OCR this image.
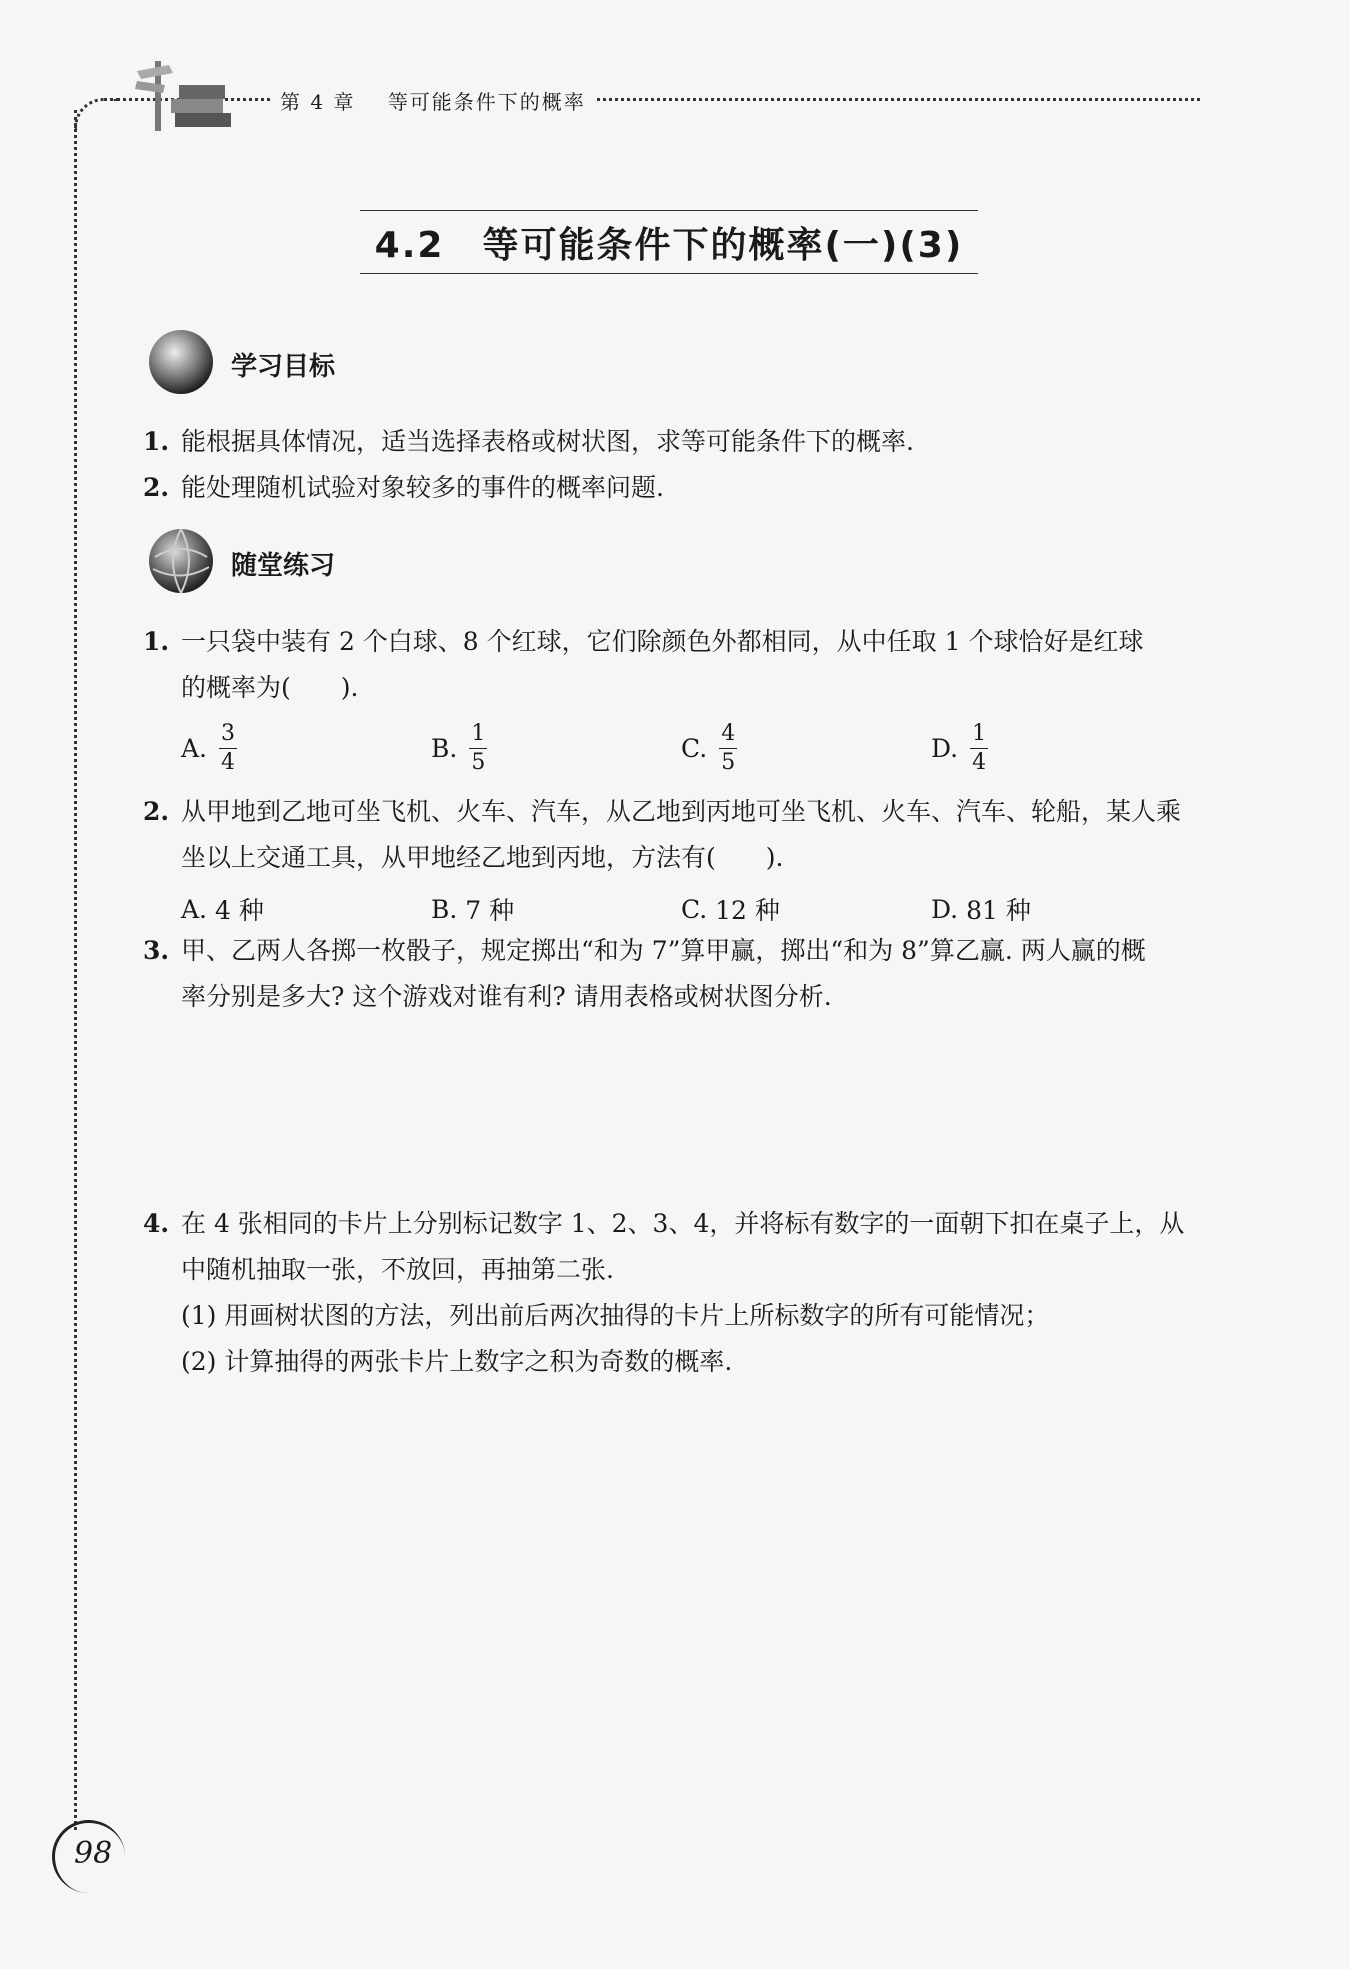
第 4 章 等可能条件下的概率
4.2　等可能条件下的概率(一)(3)
学习目标
1. 能根据具体情况，适当选择表格或树状图，求等可能条件下的概率.
2. 能处理随机试验对象较多的事件的概率问题.
随堂练习
1. 一只袋中装有 2 个白球、8 个红球，它们除颜色外都相同，从中任取 1 个球恰好是红球
的概率为(　　).
A. $\frac{3}{4}$	B. $\frac{1}{5}$	C. $\frac{4}{5}$	D. $\frac{1}{4}$
2. 从甲地到乙地可坐飞机、火车、汽车，从乙地到丙地可坐飞机、火车、汽车、轮船，某人乘
坐以上交通工具，从甲地经乙地到丙地，方法有(　　).
A.
4 种	B.
7 种	C.
12 种	D.
81 种
3. 甲、乙两人各掷一枚骰子，规定掷出“和为 7”算甲赢，掷出“和为 8”算乙赢. 两人赢的概
率分别是多大? 这个游戏对谁有利? 请用表格或树状图分析.
4. 在 4 张相同的卡片上分别标记数字 1、2、3、4，并将标有数字的一面朝下扣在桌子上，从
中随机抽取一张，不放回，再抽第二张.
(1) 用画树状图的方法，列出前后两次抽得的卡片上所标数字的所有可能情况；
(2) 计算抽得的两张卡片上数字之积为奇数的概率.
98
